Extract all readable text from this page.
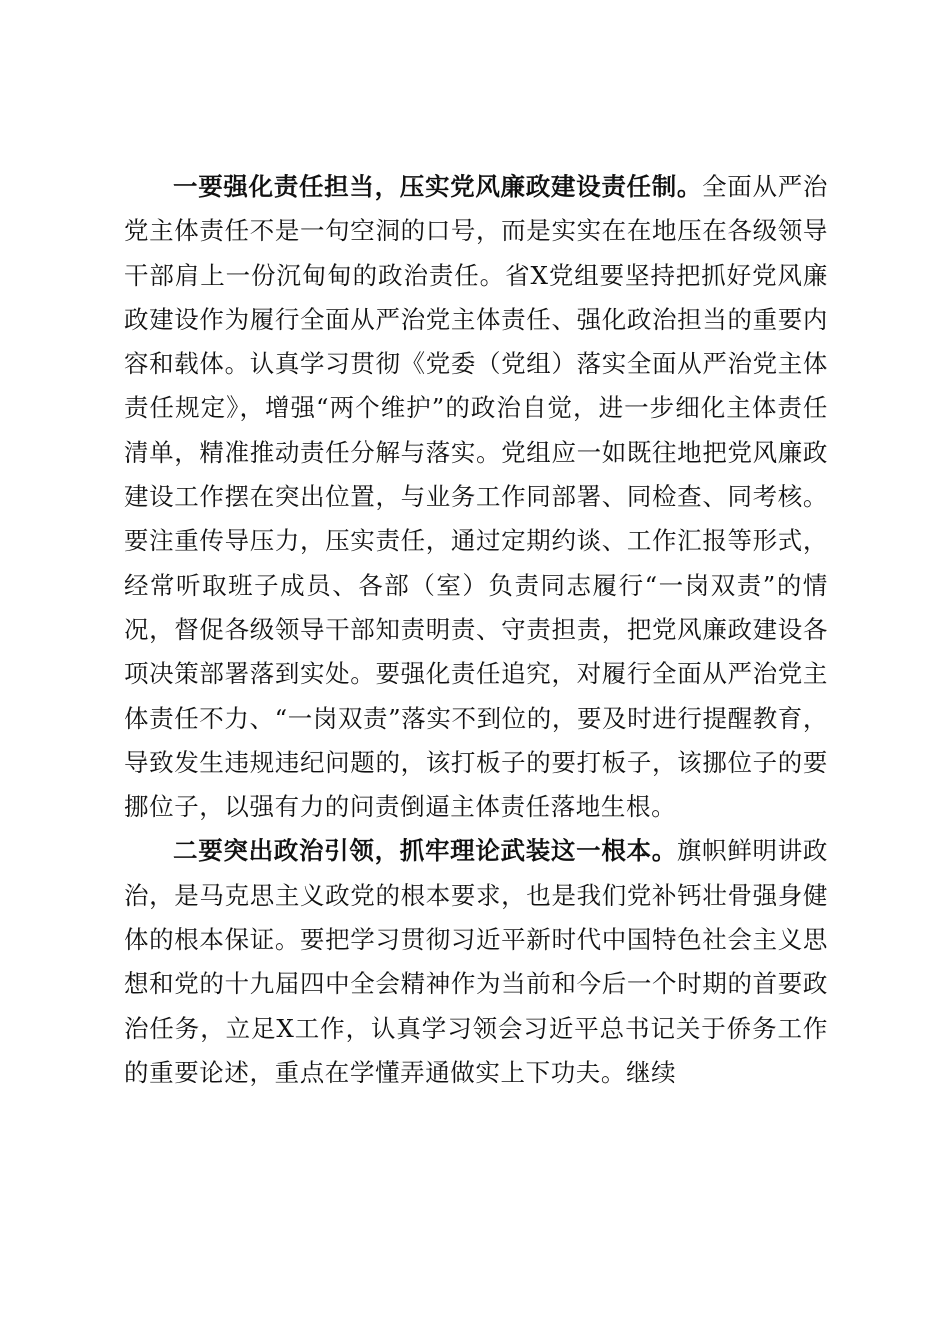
一要强化责任担当，压实党风廉政建设责任制。全面从严治党主体责任不是一句空洞的口号，而是实实在在地压在各级领导干部肩上一份沉甸甸的政治责任。省X党组要坚持把抓好党风廉政建设作为履行全面从严治党主体责任、强化政治担当的重要内容和载体。认真学习贯彻《党委（党组）落实全面从严治党主体责任规定》，增强“两个维护”的政治自觉，进一步细化主体责任清单，精准推动责任分解与落实。党组应一如既往地把党风廉政建设工作摆在突出位置，与业务工作同部署、同检查、同考核。要注重传导压力，压实责任，通过定期约谈、工作汇报等形式，经常听取班子成员、各部（室）负责同志履行“一岗双责”的情况，督促各级领导干部知责明责、守责担责，把党风廉政建设各项决策部署落到实处。要强化责任追究，对履行全面从严治党主体责任不力、“一岗双责”落实不到位的，要及时进行提醒教育，导致发生违规违纪问题的，该打板子的要打板子，该挪位子的要挪位子，以强有力的问责倒逼主体责任落地生根。

二要突出政治引领，抓牢理论武装这一根本。旗帜鲜明讲政治，是马克思主义政党的根本要求，也是我们党补钙壮骨强身健体的根本保证。要把学习贯彻习近平新时代中国特色社会主义思想和党的十九届四中全会精神作为当前和今后一个时期的首要政治任务，立足X工作，认真学习领会习近平总书记关于侨务工作的重要论述，重点在学懂弄通做实上下功夫。继续
